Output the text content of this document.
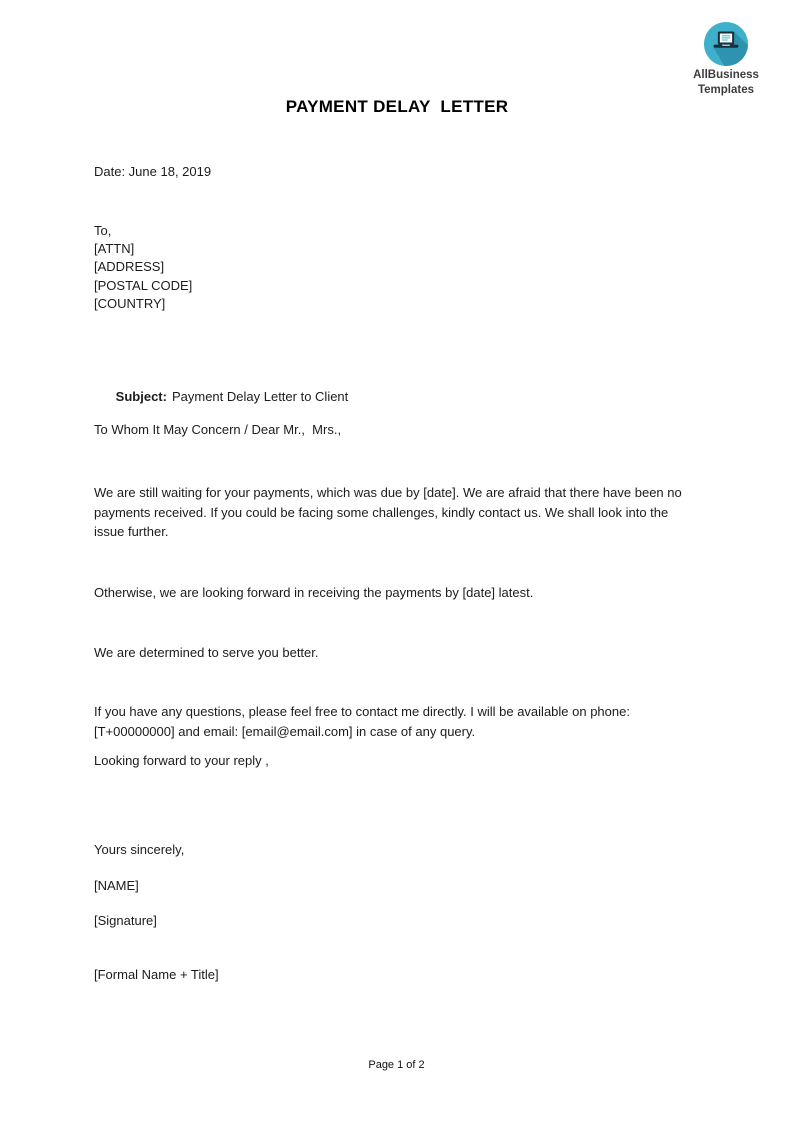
AllBusiness
Templates
PAYMENT DELAY  LETTER
Date: June 18, 2019
To,
[ATTN]
[ADDRESS]
[POSTAL CODE]
[COUNTRY]

Subject: Payment Delay Letter to Client

To Whom It May Concern / Dear Mr.,  Mrs.,
We are still waiting for your payments, which was due by [date]. We are afraid that there have been no payments received. If you could be facing some challenges, kindly contact us. We shall look into the issue further.
Otherwise, we are looking forward in receiving the payments by [date] latest.
We are determined to serve you better.
If you have any questions, please feel free to contact me directly. I will be available on phone: [T+00000000] and email: [email@email.com] in case of any query.
Looking forward to your reply ,
Yours sincerely,
[NAME]
[Signature]
[Formal Name + Title]
Page 1 of 2
